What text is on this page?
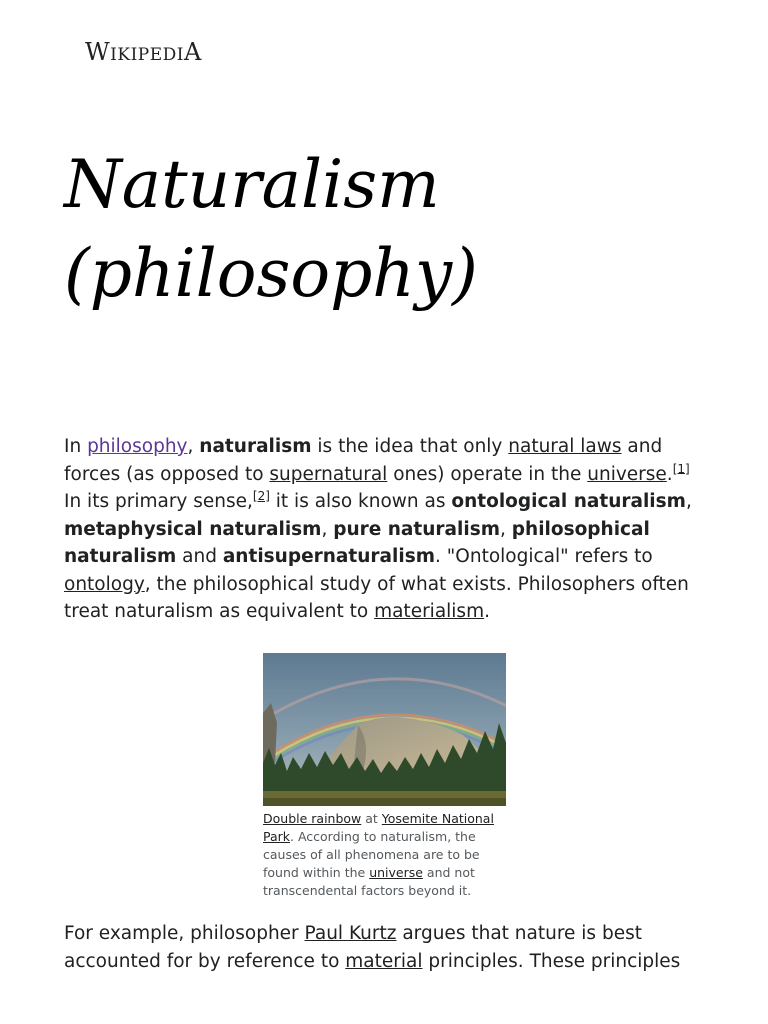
WIKIPEDIA
Naturalism (philosophy)

In philosophy, naturalism is the idea that only natural laws and forces (as opposed to supernatural ones) operate in the universe.[1] In its primary sense,[2] it is also known as ontological naturalism, metaphysical naturalism, pure naturalism, philosophical naturalism and antisupernaturalism. "Ontological" refers to ontology, the philosophical study of what exists. Philosophers often treat naturalism as equivalent to materialism.

Double rainbow at Yosemite National Park. According to naturalism, the causes of all phenomena are to be found within the universe and not transcendental factors beyond it.

For example, philosopher Paul Kurtz argues that nature is best accounted for by reference to material principles. These principles
